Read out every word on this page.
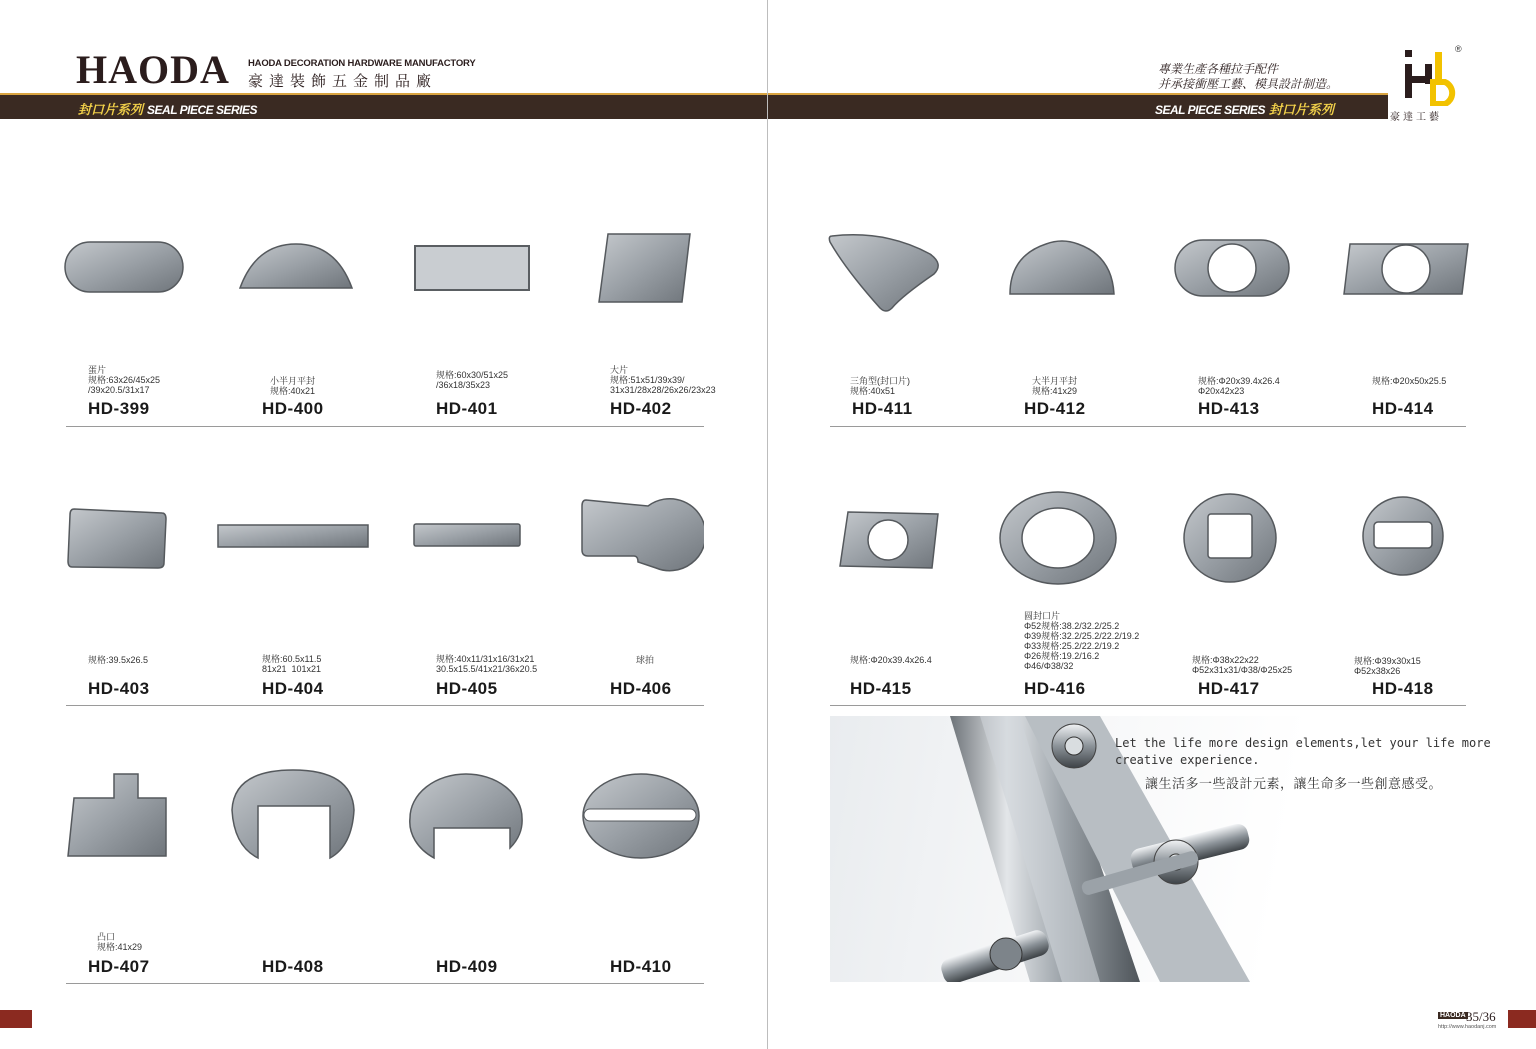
HAODA HAODA DECORATION HARDWARE MANUFACTORY
豪達裝飾五金制品廠
封口片系列 SEAL PIECE SERIES
專業生產各種拉手配件
并承接衝壓工藝、模具設計制造。
®
豪達工藝
SEAL PIECE SERIES 封口片系列
蛋片
规格:63x26/45x25
/39x20.5/31x17
HD-399
小半月平封
规格:40x21
HD-400
规格:60x30/51x25
/36x18/35x23
HD-401
大片
规格:51x51/39x39/
31x31/28x28/26x26/23x23
HD-402
规格:39.5x26.5
HD-403
规格:60.5x11.5
81x21  101x21
HD-404
规格:40x11/31x16/31x21
30.5x15.5/41x21/36x20.5
HD-405
球拍
HD-406
凸口
规格:41x29
HD-407	HD-408	HD-409	HD-410
三角型(封口片)
规格:40x51
HD-411
大半月平封
规格:41x29
HD-412
规格:Φ20x39.4x26.4
Φ20x42x23
HD-413
规格:Φ20x50x25.5
HD-414
规格:Φ20x39.4x26.4
HD-415
圆封口片
Φ52规格:38.2/32.2/25.2
Φ39规格:32.2/25.2/22.2/19.2
Φ33规格:25.2/22.2/19.2
Φ26规格:19.2/16.2
Φ46/Φ38/32
HD-416
规格:Φ38x22x22
Φ52x31x31/Φ38/Φ25x25
HD-417
规格:Φ39x30x15
Φ52x38x26
HD-418
Let the life more design elements,let your life more
creative experience.
讓生活多一些設計元素，讓生命多一些創意感受。
HAODA 35/36
http://www.haodanj.com
